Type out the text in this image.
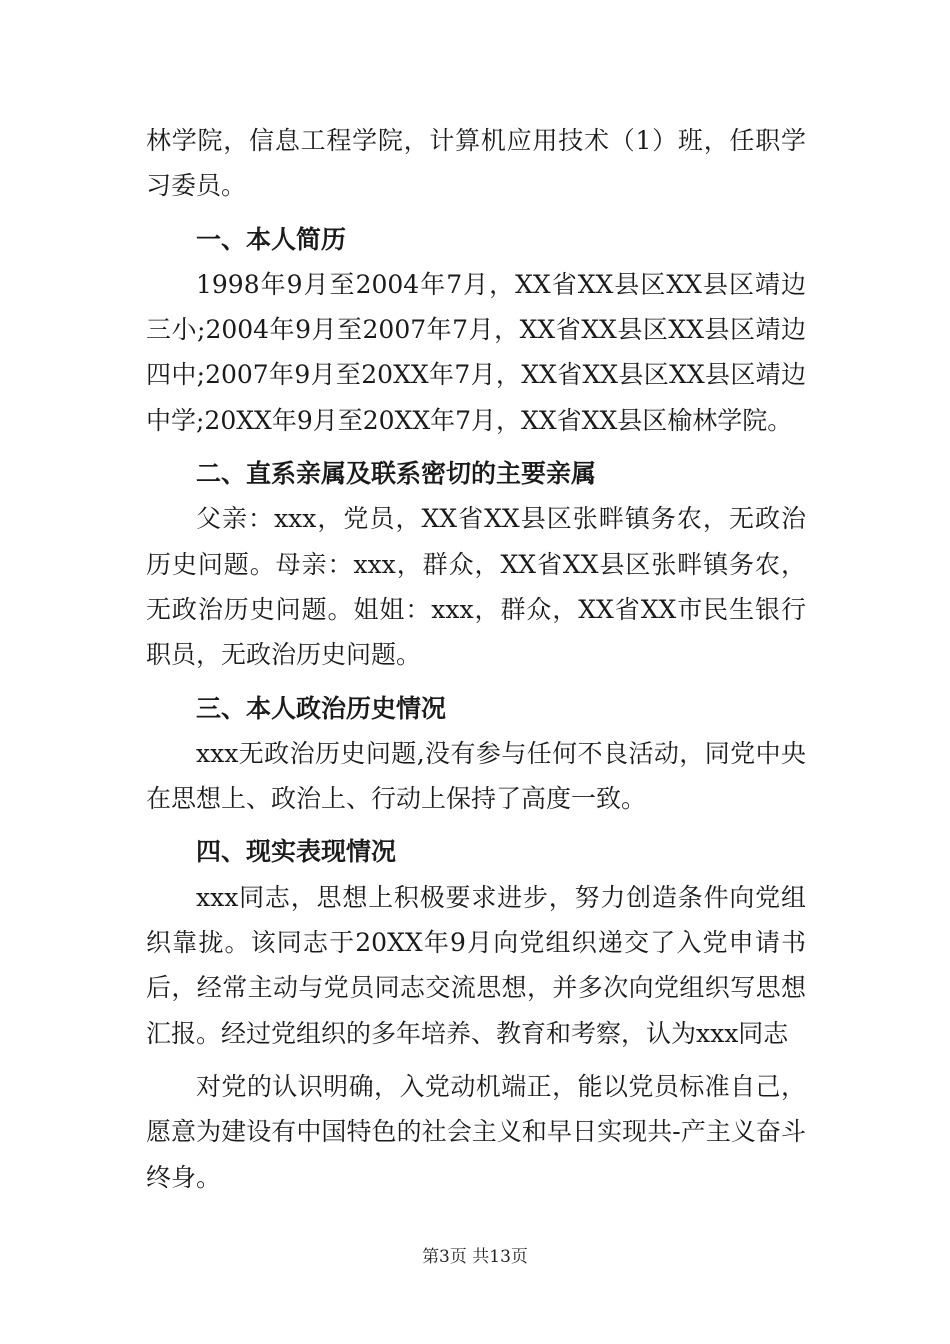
林学院，信息工程学院，计算机应用技术（1）班，任职学习委员。

一、本人简历

1998年9月至2004年7月，XX省XX县区XX县区靖边三小;2004年9月至2007年7月，XX省XX县区XX县区靖边四中;2007年9月至20XX年7月，XX省XX县区XX县区靖边中学;20XX年9月至20XX年7月，XX省XX县区榆林学院。

二、直系亲属及联系密切的主要亲属

父亲：xxx，党员，XX省XX县区张畔镇务农，无政治历史问题。母亲：xxx，群众，XX省XX县区张畔镇务农，无政治历史问题。姐姐：xxx，群众，XX省XX市民生银行职员，无政治历史问题。

三、本人政治历史情况

xxx无政治历史问题,没有参与任何不良活动，同党中央在思想上、政治上、行动上保持了高度一致。

四、现实表现情况

xxx同志，思想上积极要求进步，努力创造条件向党组织靠拢。该同志于20XX年9月向党组织递交了入党申请书后，经常主动与党员同志交流思想，并多次向党组织写思想汇报。经过党组织的多年培养、教育和考察，认为xxx同志

对党的认识明确，入党动机端正，能以党员标准自己，愿意为建设有中国特色的社会主义和早日实现共-产主义奋斗终身。

第3页 共13页
